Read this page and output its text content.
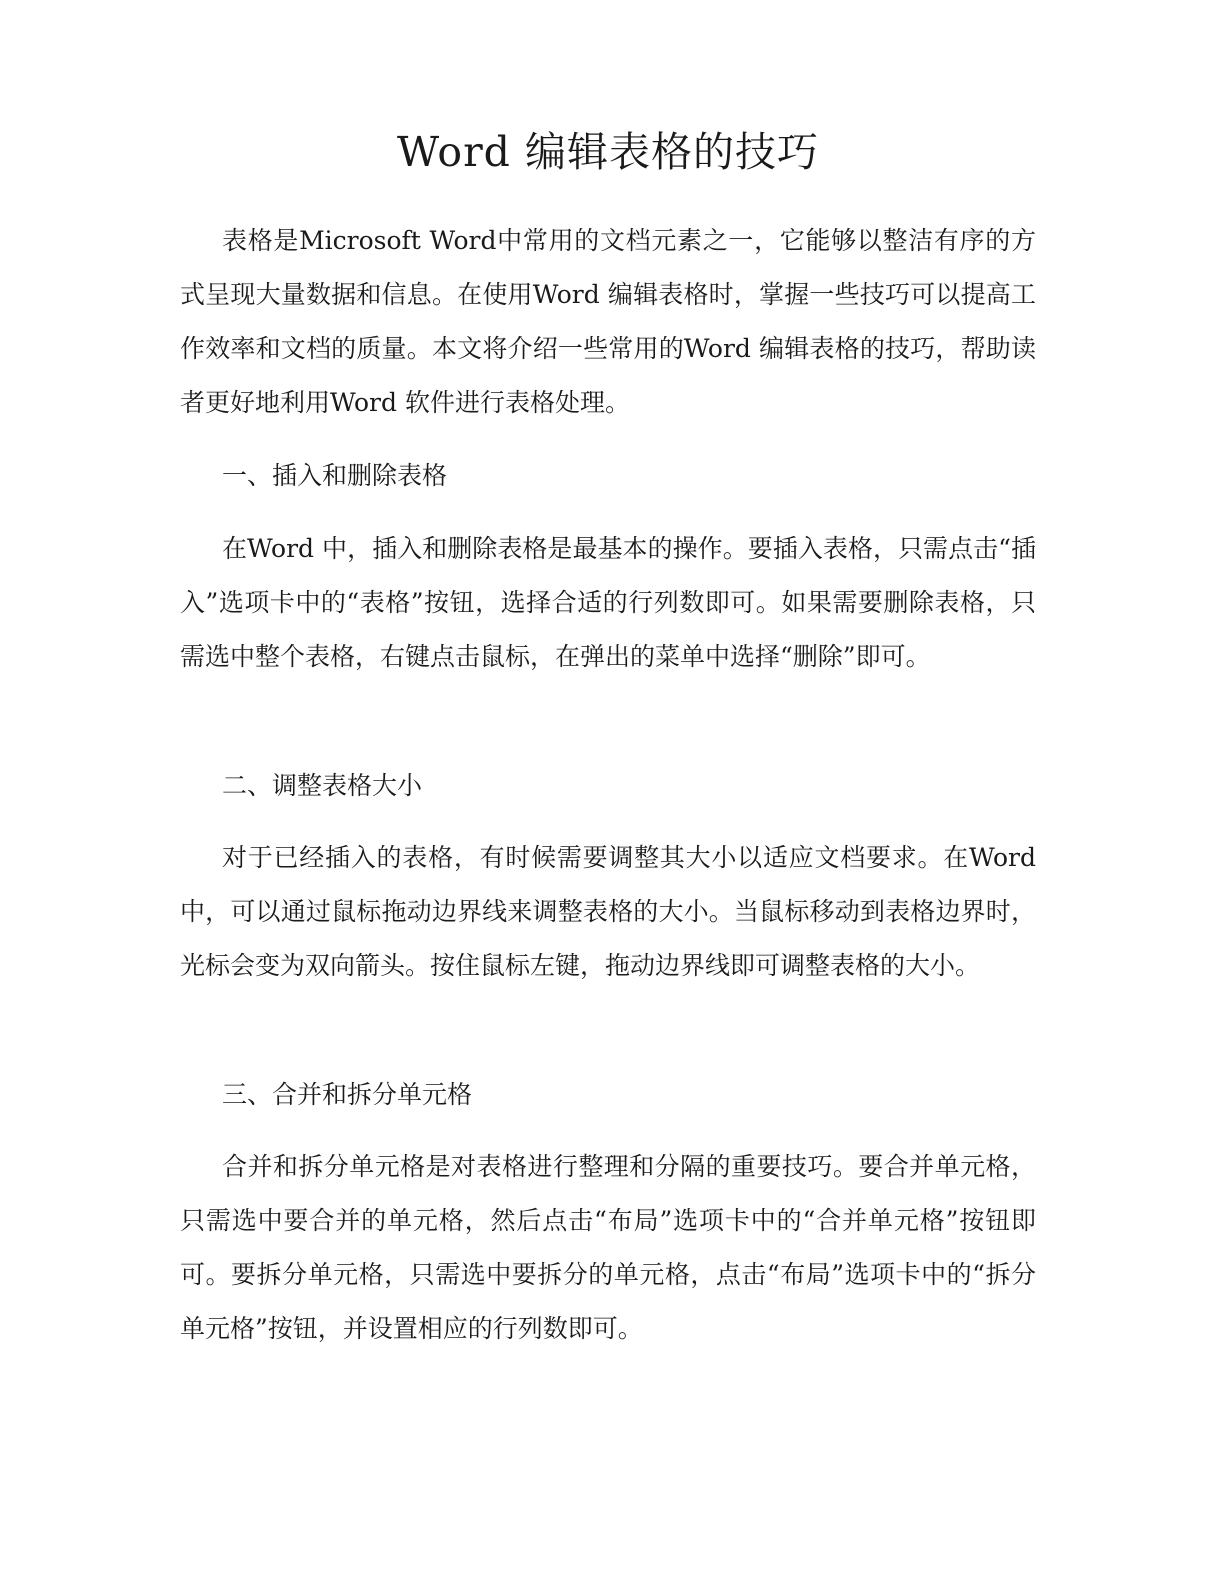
Word 编辑表格的技巧

表格是Microsoft Word中常用的文档元素之一，它能够以整洁有序的方式呈现大量数据和信息。在使用Word 编辑表格时，掌握一些技巧可以提高工作效率和文档的质量。本文将介绍一些常用的Word 编辑表格的技巧，帮助读者更好地利用Word 软件进行表格处理。

一、插入和删除表格

在Word 中，插入和删除表格是最基本的操作。要插入表格，只需点击“插入”选项卡中的“表格”按钮，选择合适的行列数即可。如果需要删除表格，只需选中整个表格，右键点击鼠标，在弹出的菜单中选择“删除”即可。

二、调整表格大小

对于已经插入的表格，有时候需要调整其大小以适应文档要求。在Word 中，可以通过鼠标拖动边界线来调整表格的大小。当鼠标移动到表格边界时，光标会变为双向箭头。按住鼠标左键，拖动边界线即可调整表格的大小。

三、合并和拆分单元格

合并和拆分单元格是对表格进行整理和分隔的重要技巧。要合并单元格，只需选中要合并的单元格，然后点击“布局”选项卡中的“合并单元格”按钮即可。要拆分单元格，只需选中要拆分的单元格，点击“布局”选项卡中的“拆分单元格”按钮，并设置相应的行列数即可。
